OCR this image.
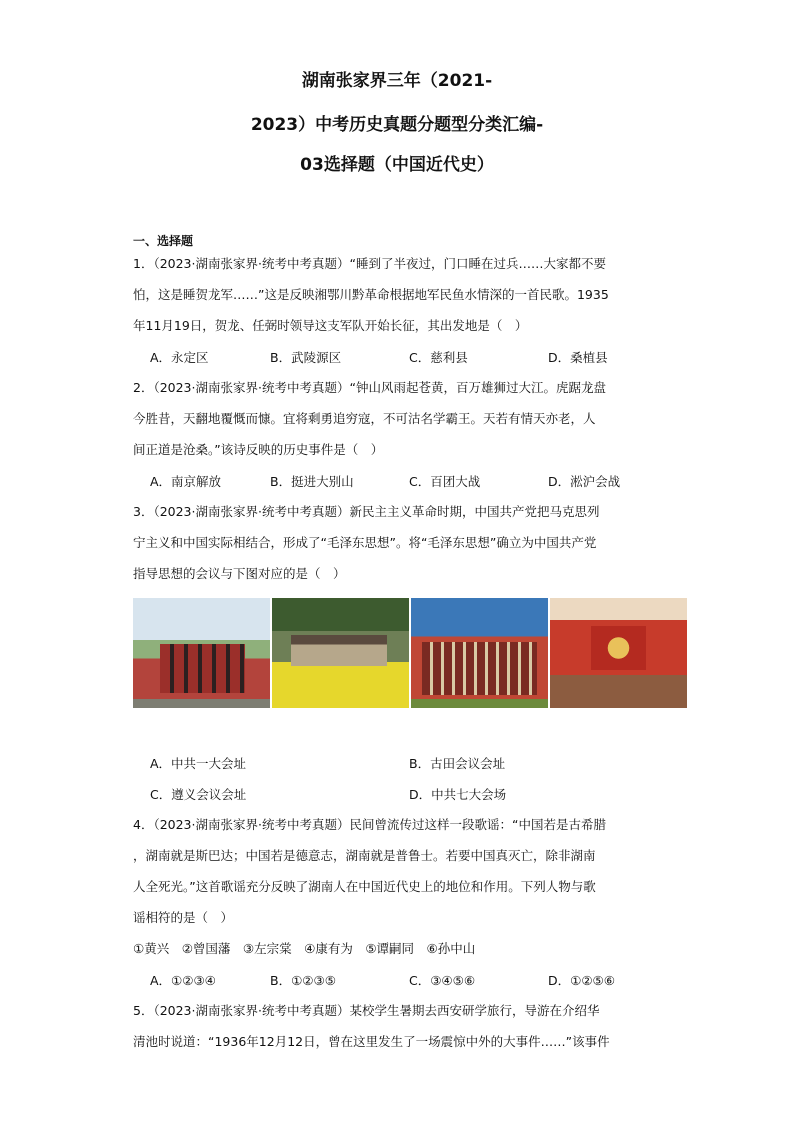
湖南张家界三年（2021-
2023）中考历史真题分题型分类汇编-
03选择题（中国近代史）
一、选择题
1．（2023·湖南张家界·统考中考真题）“睡到了半夜过，门口睡在过兵……大家都不要
怕，这是睡贺龙军……”这是反映湘鄂川黔革命根据地军民鱼水情深的一首民歌。1935
年11月19日，贺龙、任弼时领导这支军队开始长征，其出发地是（　）
A．永定区	B．武陵源区	C．慈利县	D．桑植县
2．（2023·湖南张家界·统考中考真题）“钟山风雨起苍黄，百万雄狮过大江。虎踞龙盘
今胜昔，天翻地覆慨而慷。宜将剩勇追穷寇，不可沽名学霸王。天若有情天亦老，人
间正道是沧桑。”该诗反映的历史事件是（　）
A．南京解放	B．挺进大别山	C．百团大战	D．淞沪会战
3．（2023·湖南张家界·统考中考真题）新民主主义革命时期，中国共产党把马克思列
宁主义和中国实际相结合，形成了“毛泽东思想”。将“毛泽东思想”确立为中国共产党
指导思想的会议与下图对应的是（　）
A．中共一大会址	B．古田会议会址
C．遵义会议会址	D．中共七大会场
4．（2023·湖南张家界·统考中考真题）民间曾流传过这样一段歌谣：“中国若是古希腊
，湖南就是斯巴达；中国若是德意志，湖南就是普鲁士。若要中国真灭亡，除非湖南
人全死光。”这首歌谣充分反映了湖南人在中国近代史上的地位和作用。下列人物与歌
谣相符的是（　）
①黄兴　②曾国藩　③左宗棠　④康有为　⑤谭嗣同　⑥孙中山
A．①②③④	B．①②③⑤	C．③④⑤⑥	D．①②⑤⑥
5．（2023·湖南张家界·统考中考真题）某校学生暑期去西安研学旅行，导游在介绍华
清池时说道：“1936年12月12日，曾在这里发生了一场震惊中外的大事件……”该事件
